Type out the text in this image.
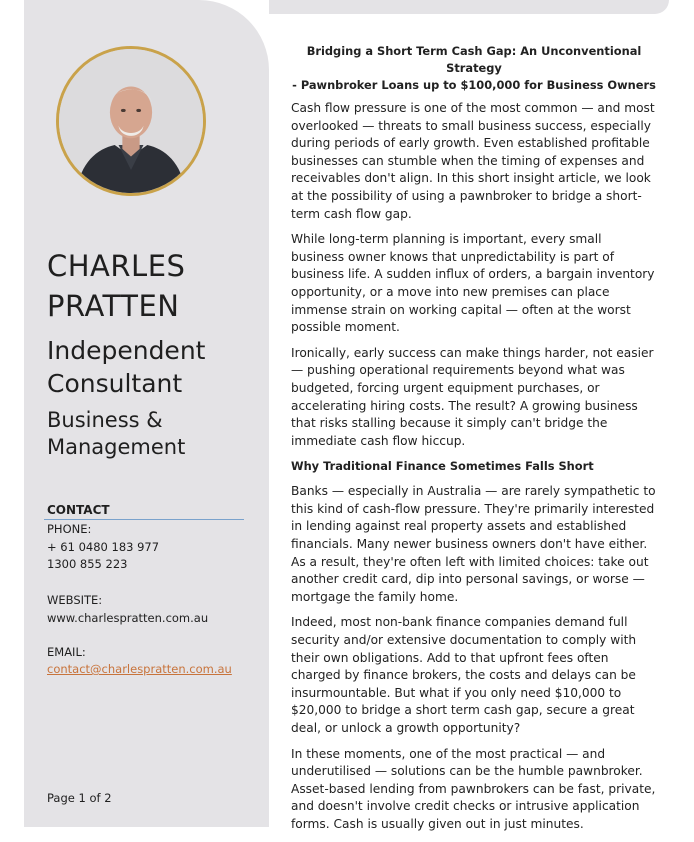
CHARLES
PRATTEN
Independent
Consultant
Business &
Management
CONTACT
PHONE:
+ 61 0480 183 977
1300 855 223
WEBSITE:
www.charlespratten.com.au
EMAIL:
contact@charlespratten.com.au
Page 1 of 2
Bridging a Short Term Cash Gap: An Unconventional Strategy
- Pawnbroker Loans up to $100,000 for Business Owners

Cash flow pressure is one of the most common — and most overlooked — threats to small business success, especially during periods of early growth. Even established profitable businesses can stumble when the timing of expenses and receivables don't align. In this short insight article, we look at the possibility of using a pawnbroker to bridge a short-term cash flow gap.

While long-term planning is important, every small business owner knows that unpredictability is part of business life. A sudden influx of orders, a bargain inventory opportunity, or a move into new premises can place immense strain on working capital — often at the worst possible moment.

Ironically, early success can make things harder, not easier — pushing operational requirements beyond what was budgeted, forcing urgent equipment purchases, or accelerating hiring costs. The result? A growing business that risks stalling because it simply can't bridge the immediate cash flow hiccup.

Why Traditional Finance Sometimes Falls Short

Banks — especially in Australia — are rarely sympathetic to this kind of cash-flow pressure. They're primarily interested in lending against real property assets and established financials. Many newer business owners don't have either. As a result, they're often left with limited choices: take out another credit card, dip into personal savings, or worse — mortgage the family home.

Indeed, most non-bank finance companies demand full security and/or extensive documentation to comply with their own obligations. Add to that upfront fees often charged by finance brokers, the costs and delays can be insurmountable. But what if you only need $10,000 to $20,000 to bridge a short term cash gap, secure a great deal, or unlock a growth opportunity?

In these moments, one of the most practical — and underutilised — solutions can be the humble pawnbroker. Asset-based lending from pawnbrokers can be fast, private, and doesn't involve credit checks or intrusive application forms. Cash is usually given out in just minutes.
